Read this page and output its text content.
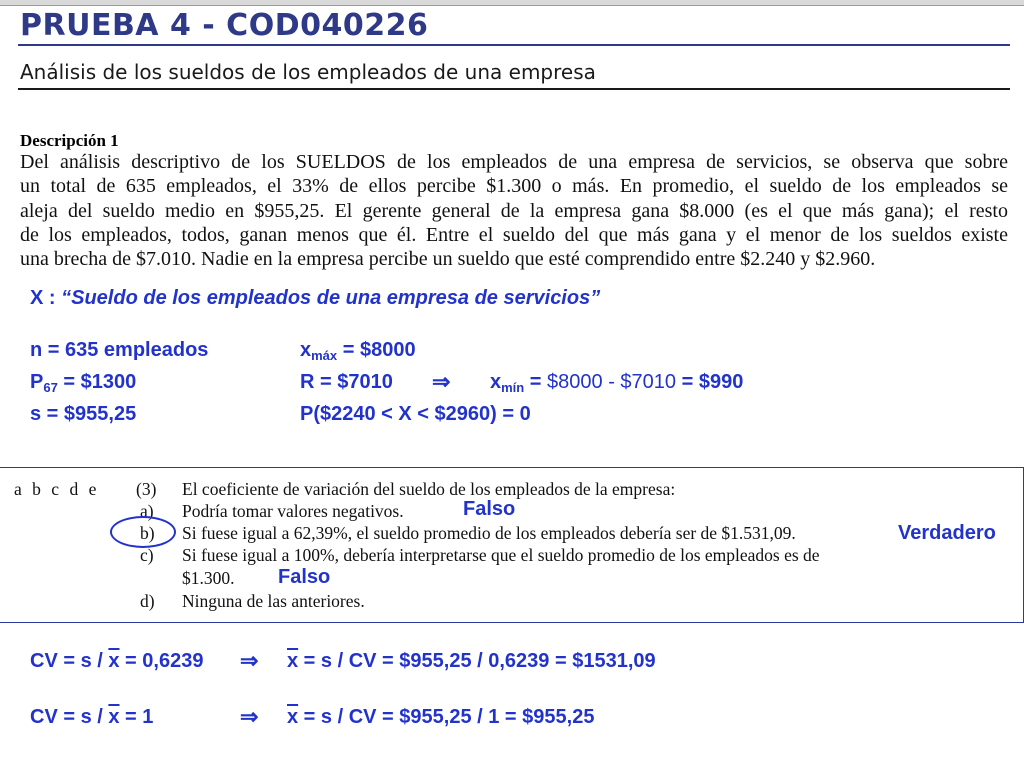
PRUEBA 4 - COD040226
Análisis de los sueldos de los empleados de una empresa
Descripción 1

Del análisis descriptivo de los SUELDOS de los empleados de una empresa de servicios, se observa que sobre

un total de 635 empleados, el 33% de ellos percibe $1.300 o más. En promedio, el sueldo de los empleados se

aleja del sueldo medio en $955,25. El gerente general de la empresa gana $8.000 (es el que más gana); el resto

de los empleados, todos, ganan menos que él. Entre el sueldo del que más gana y el menor de los sueldos existe

una brecha de $7.010. Nadie en la empresa percibe un sueldo que esté comprendido entre $2.240 y $2.960.

X : “Sueldo de los empleados de una empresa de servicios”
n = 635 empleados
$P_{67}$ = $1300
s = $955,25
$x_{máx}$ = $8000
R = $7010 ⇒ $x_{mín}$ = $8000 - $7010 = $990
P($2240 < X < $2960) = 0
a b c d e (3) El coeficiente de variación del sueldo de los empleados de la empresa:
a) Podría tomar valores negativos.
b) Si fuese igual a 62,39%, el sueldo promedio de los empleados debería ser de $1.531,09.
c) Si fuese igual a 100%, debería interpretarse que el sueldo promedio de los empleados es de
$1.300.
d) Ninguna de las anteriores.
Falso
Verdadero
Falso
CV = $s / \overline{x} = 0,6239$ ⇒ $\overline{x} = s$ / CV = $955,25 / 0,6239 = $1531,09
CV = $s / \overline{x} = 1$	⇒ $\overline{x} = s$ / CV = $955,25 / 1 = $955,25
